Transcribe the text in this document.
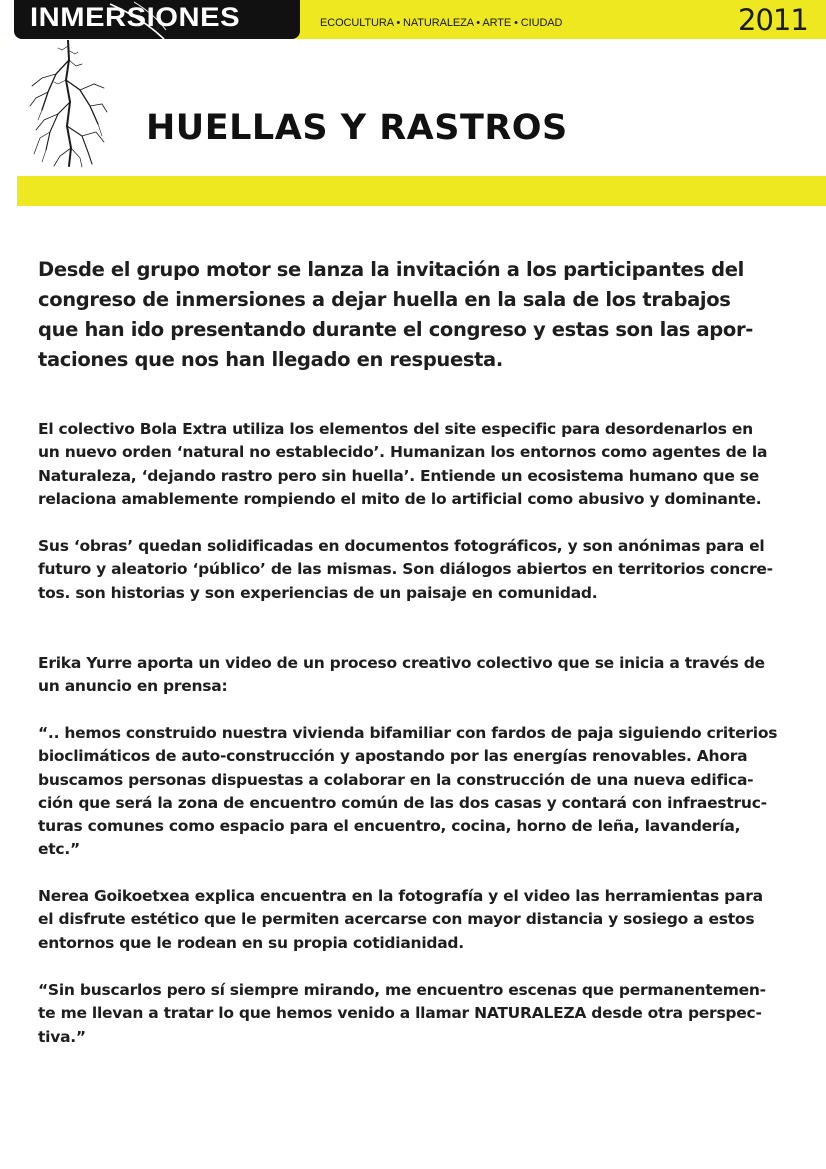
INMERSIONES	ECOCULTURA • NATURALEZA • ARTE • CIUDAD	2011
HUELLAS Y RASTROS

Desde el grupo motor se lanza la invitación a los participantes del
congreso de inmersiones a dejar huella en la sala de los trabajos
que han ido presentando durante el congreso y estas son las apor-
taciones que nos han llegado en respuesta.

El colectivo Bola Extra utiliza los elementos del site especific para desordenarlos en
un nuevo orden ‘natural no establecido’. Humanizan los entornos como agentes de la
Naturaleza, ‘dejando rastro pero sin huella’. Entiende un ecosistema humano que se
relaciona amablemente rompiendo el mito de lo artificial como abusivo y dominante.

Sus ‘obras’ quedan solidificadas en documentos fotográficos, y son anónimas para el
futuro y aleatorio ‘público’ de las mismas. Son diálogos abiertos en territorios concre-
tos. son historias y son experiencias de un paisaje en comunidad.

Erika Yurre aporta un video de un proceso creativo colectivo que se inicia a través de
un anuncio en prensa:

“.. hemos construido nuestra vivienda bifamiliar con fardos de paja siguiendo criterios
bioclimáticos de auto-construcción y apostando por las energías renovables. Ahora
buscamos personas dispuestas a colaborar en la construcción de una nueva edifica-
ción que será la zona de encuentro común de las dos casas y contará con infraestruc-
turas comunes como espacio para el encuentro, cocina, horno de leña, lavandería,
etc.”

Nerea Goikoetxea explica encuentra en la fotografía y el video las herramientas para
el disfrute estético que le permiten acercarse con mayor distancia y sosiego a estos
entornos que le rodean en su propia cotidianidad.

“Sin buscarlos pero sí siempre mirando, me encuentro escenas que permanentemen-
te me llevan a tratar lo que hemos venido a llamar NATURALEZA desde otra perspec-
tiva.”
